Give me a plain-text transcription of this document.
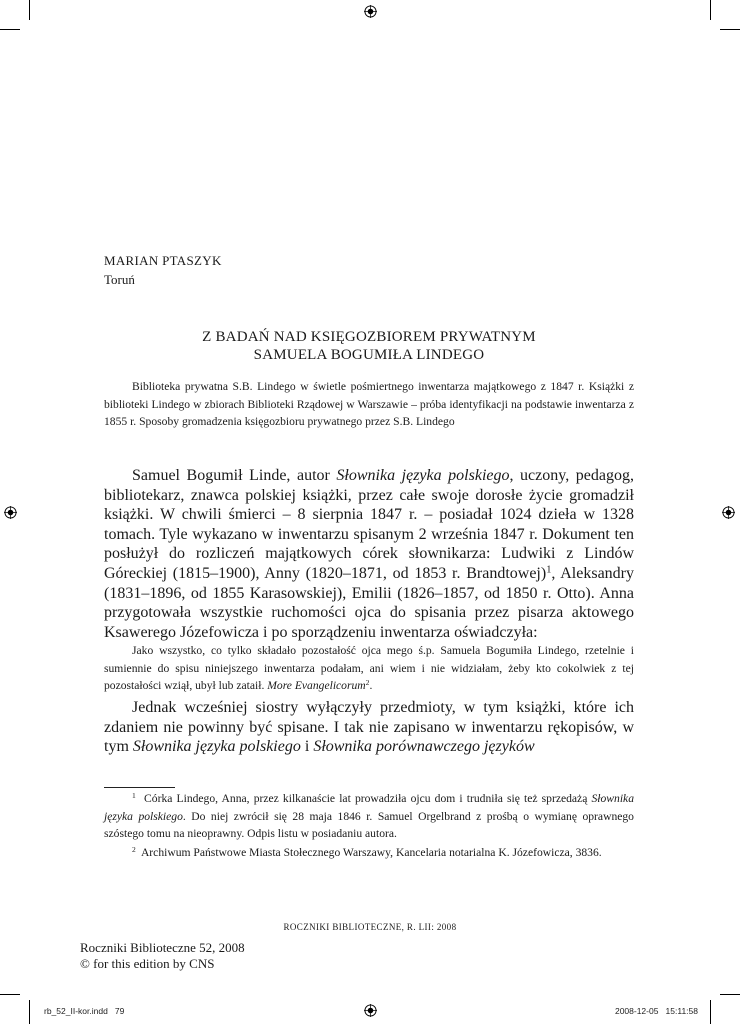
MARIAN PTASZYK
Toruń
Z BADAŃ NAD KSIĘGOZBIOREM PRYWATNYM
SAMUELA BOGUMIŁA LINDEGO
Biblioteka prywatna S.B. Lindego w świetle pośmiertnego inwentarza majątkowego z 1847 r. Książki z biblioteki Lindego w zbiorach Biblioteki Rządowej w Warszawie – próba identyfikacji na podstawie inwentarza z 1855 r. Sposoby gromadzenia księgozbioru prywatnego przez S.B. Lindego
Samuel Bogumił Linde, autor Słownika języka polskiego, uczony, pedagog, bibliotekarz, znawca polskiej książki, przez całe swoje dorosłe życie gromadził książki. W chwili śmierci – 8 sierpnia 1847 r. – posiadał 1024 dzieła w 1328 tomach. Tyle wykazano w inwentarzu spisanym 2 września 1847 r. Dokument ten posłużył do rozliczeń majątkowych córek słownikarza: Ludwiki z Lindów Góreckiej (1815–1900), Anny (1820–1871, od 1853 r. Brandtowej)$^1$, Aleksandry (1831–1896, od 1855 Karasowskiej), Emilii (1826–1857, od 1850 r. Otto). Anna przygotowała wszystkie ruchomości ojca do spisania przez pisarza aktowego Ksawerego Józefowicza i po sporządzeniu inwentarza oświadczyła:
Jako wszystko, co tylko składało pozostałość ojca mego ś.p. Samuela Bogumiła Lindego, rzetelnie i sumiennie do spisu niniejszego inwentarza podałam, ani wiem i nie widziałam, żeby kto cokolwiek z tej pozostałości wziął, ubył lub zataił. More Evangelicorum$^2$.
Jednak wcześniej siostry wyłączyły przedmioty, w tym książki, które ich zdaniem nie powinny być spisane. I tak nie zapisano w inwentarzu rękopisów, w tym Słownika języka polskiego i Słownika porównawczego języków
$^1$ Córka Lindego, Anna, przez kilkanaście lat prowadziła ojcu dom i trudniła się też sprzedażą Słownika języka polskiego. Do niej zwrócił się 28 maja 1846 r. Samuel Orgelbrand z prośbą o wymianę oprawnego szóstego tomu na nieoprawny. Odpis listu w posiadaniu autora.
$^2$ Archiwum Państwowe Miasta Stołecznego Warszawy, Kancelaria notarialna K. Józefowicza, 3836.
ROCZNIKI BIBLIOTECZNE, R. LII: 2008
Roczniki Biblioteczne 52, 2008
© for this edition by CNS
rb_52_II-kor.indd   79	2008-12-05   15:11:58
